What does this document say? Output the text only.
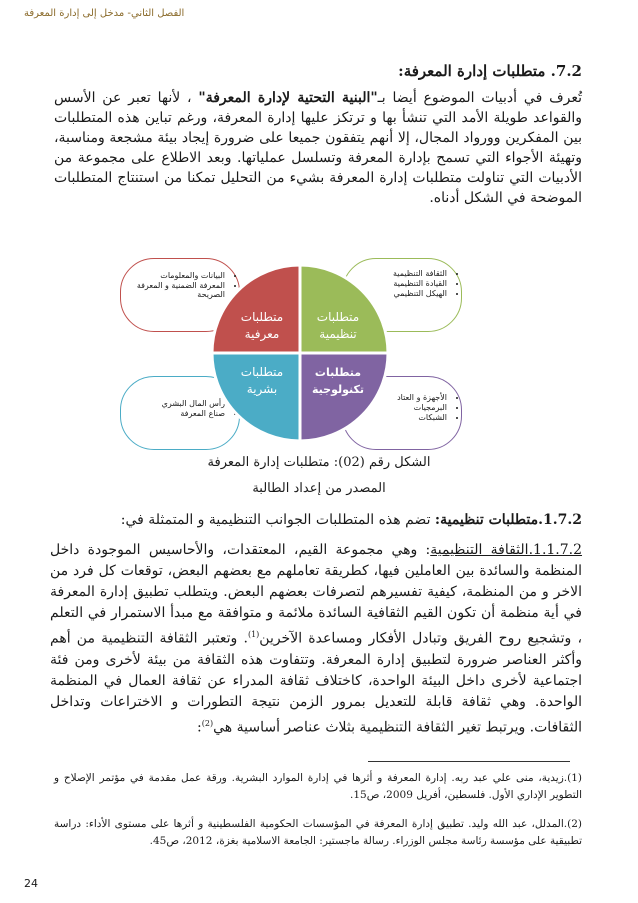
الفصل الثاني- مدخل إلى إدارة المعرفة
7.2. متطلبات إدارة المعرفة:
تُعرف في أدبيات الموضوع أيضا بـ"البنية التحتية لإدارة المعرفة" ، لأنها تعبر عن الأسس والقواعد طويلة الأمد التي تنشأ بها و ترتكز عليها إدارة المعرفة، ورغم تباين هذه المتطلبات بين المفكرين وورواد المجال، إلا أنهم يتفقون جميعا على ضرورة إيجاد بيئة مشجعة ومناسبة، وتهيئة الأجواء التي تسمح بإدارة المعرفة وتسلسل عملياتها. وبعد الاطلاع على مجموعة من الأدبيات التي تناولت متطلبات إدارة المعرفة بشيء من التحليل تمكنا من استنتاج المتطلبات الموضحة في الشكل أدناه.
• البيانات والمعلومات
• المعرفة الضمنية و المعرفة الصريحة
• الثقافة التنظيمية
• القيادة التنظيمية
• الهيكل التنظيمي
• رأس المال البشري
• صناع المعرفة
• الأجهزة و العتاد
• البرمجيات
• الشبكات
متطلبات
معرفية
متطلبات
تنظيمية
متطلبات
بشرية
متطلبات
تكنولوجية
الشكل رقم (02): متطلبات إدارة المعرفة
المصدر من إعداد الطالبة
1.7.2.متطلبات تنظيمية: تضم هذه المتطلبات الجوانب التنظيمية و المتمثلة في:
1.1.7.2.الثقافة التنظيمية: وهي مجموعة القيم، المعتقدات، والأحاسيس الموجودة داخل المنظمة والسائدة بين العاملين فيها، كطريقة تعاملهم مع بعضهم البعض، توقعات كل فرد من الاخر و من المنظمة، كيفية تفسيرهم لتصرفات بعضهم البعض. ويتطلب تطبيق إدارة المعرفة في أية منظمة أن تكون القيم الثقافية السائدة ملائمة و متوافقة مع مبدأ الاستمرار في التعلم ، وتشجيع روح الفريق وتبادل الأفكار ومساعدة الآخرين$^{(1)}$. وتعتبر الثقافة التنظيمية من أهم وأكثر العناصر ضرورة لتطبيق إدارة المعرفة. وتتفاوت هذه الثقافة من بيئة لأخرى ومن فئة اجتماعية لأخرى داخل البيئة الواحدة، كاختلاف ثقافة المدراء عن ثقافة العمال في المنظمة الواحدة. وهي ثقافة قابلة للتعديل بمرور الزمن نتيجة التطورات و الاختراعات وتداخل الثقافات. ويرتبط تغير الثقافة التنظيمية بثلاث عناصر أساسية هي$^{(2)}$:
(1).زيدية، منى علي عبد ربه. إدارة المعرفة و أثرها في إدارة الموارد البشرية. ورقة عمل مقدمة في مؤتمر الإصلاح و التطوير الإداري الأول. فلسطين، أفريل 2009، ص15.
(2).المدلل، عبد الله وليد. تطبيق إدارة المعرفة في المؤسسات الحكومية الفلسطينية و أثرها على مستوى الأداء: دراسة تطبيقية على مؤسسة رئاسة مجلس الوزراء. رسالة ماجستير: الجامعة الاسلامية بغزة، 2012، ص45.
24
